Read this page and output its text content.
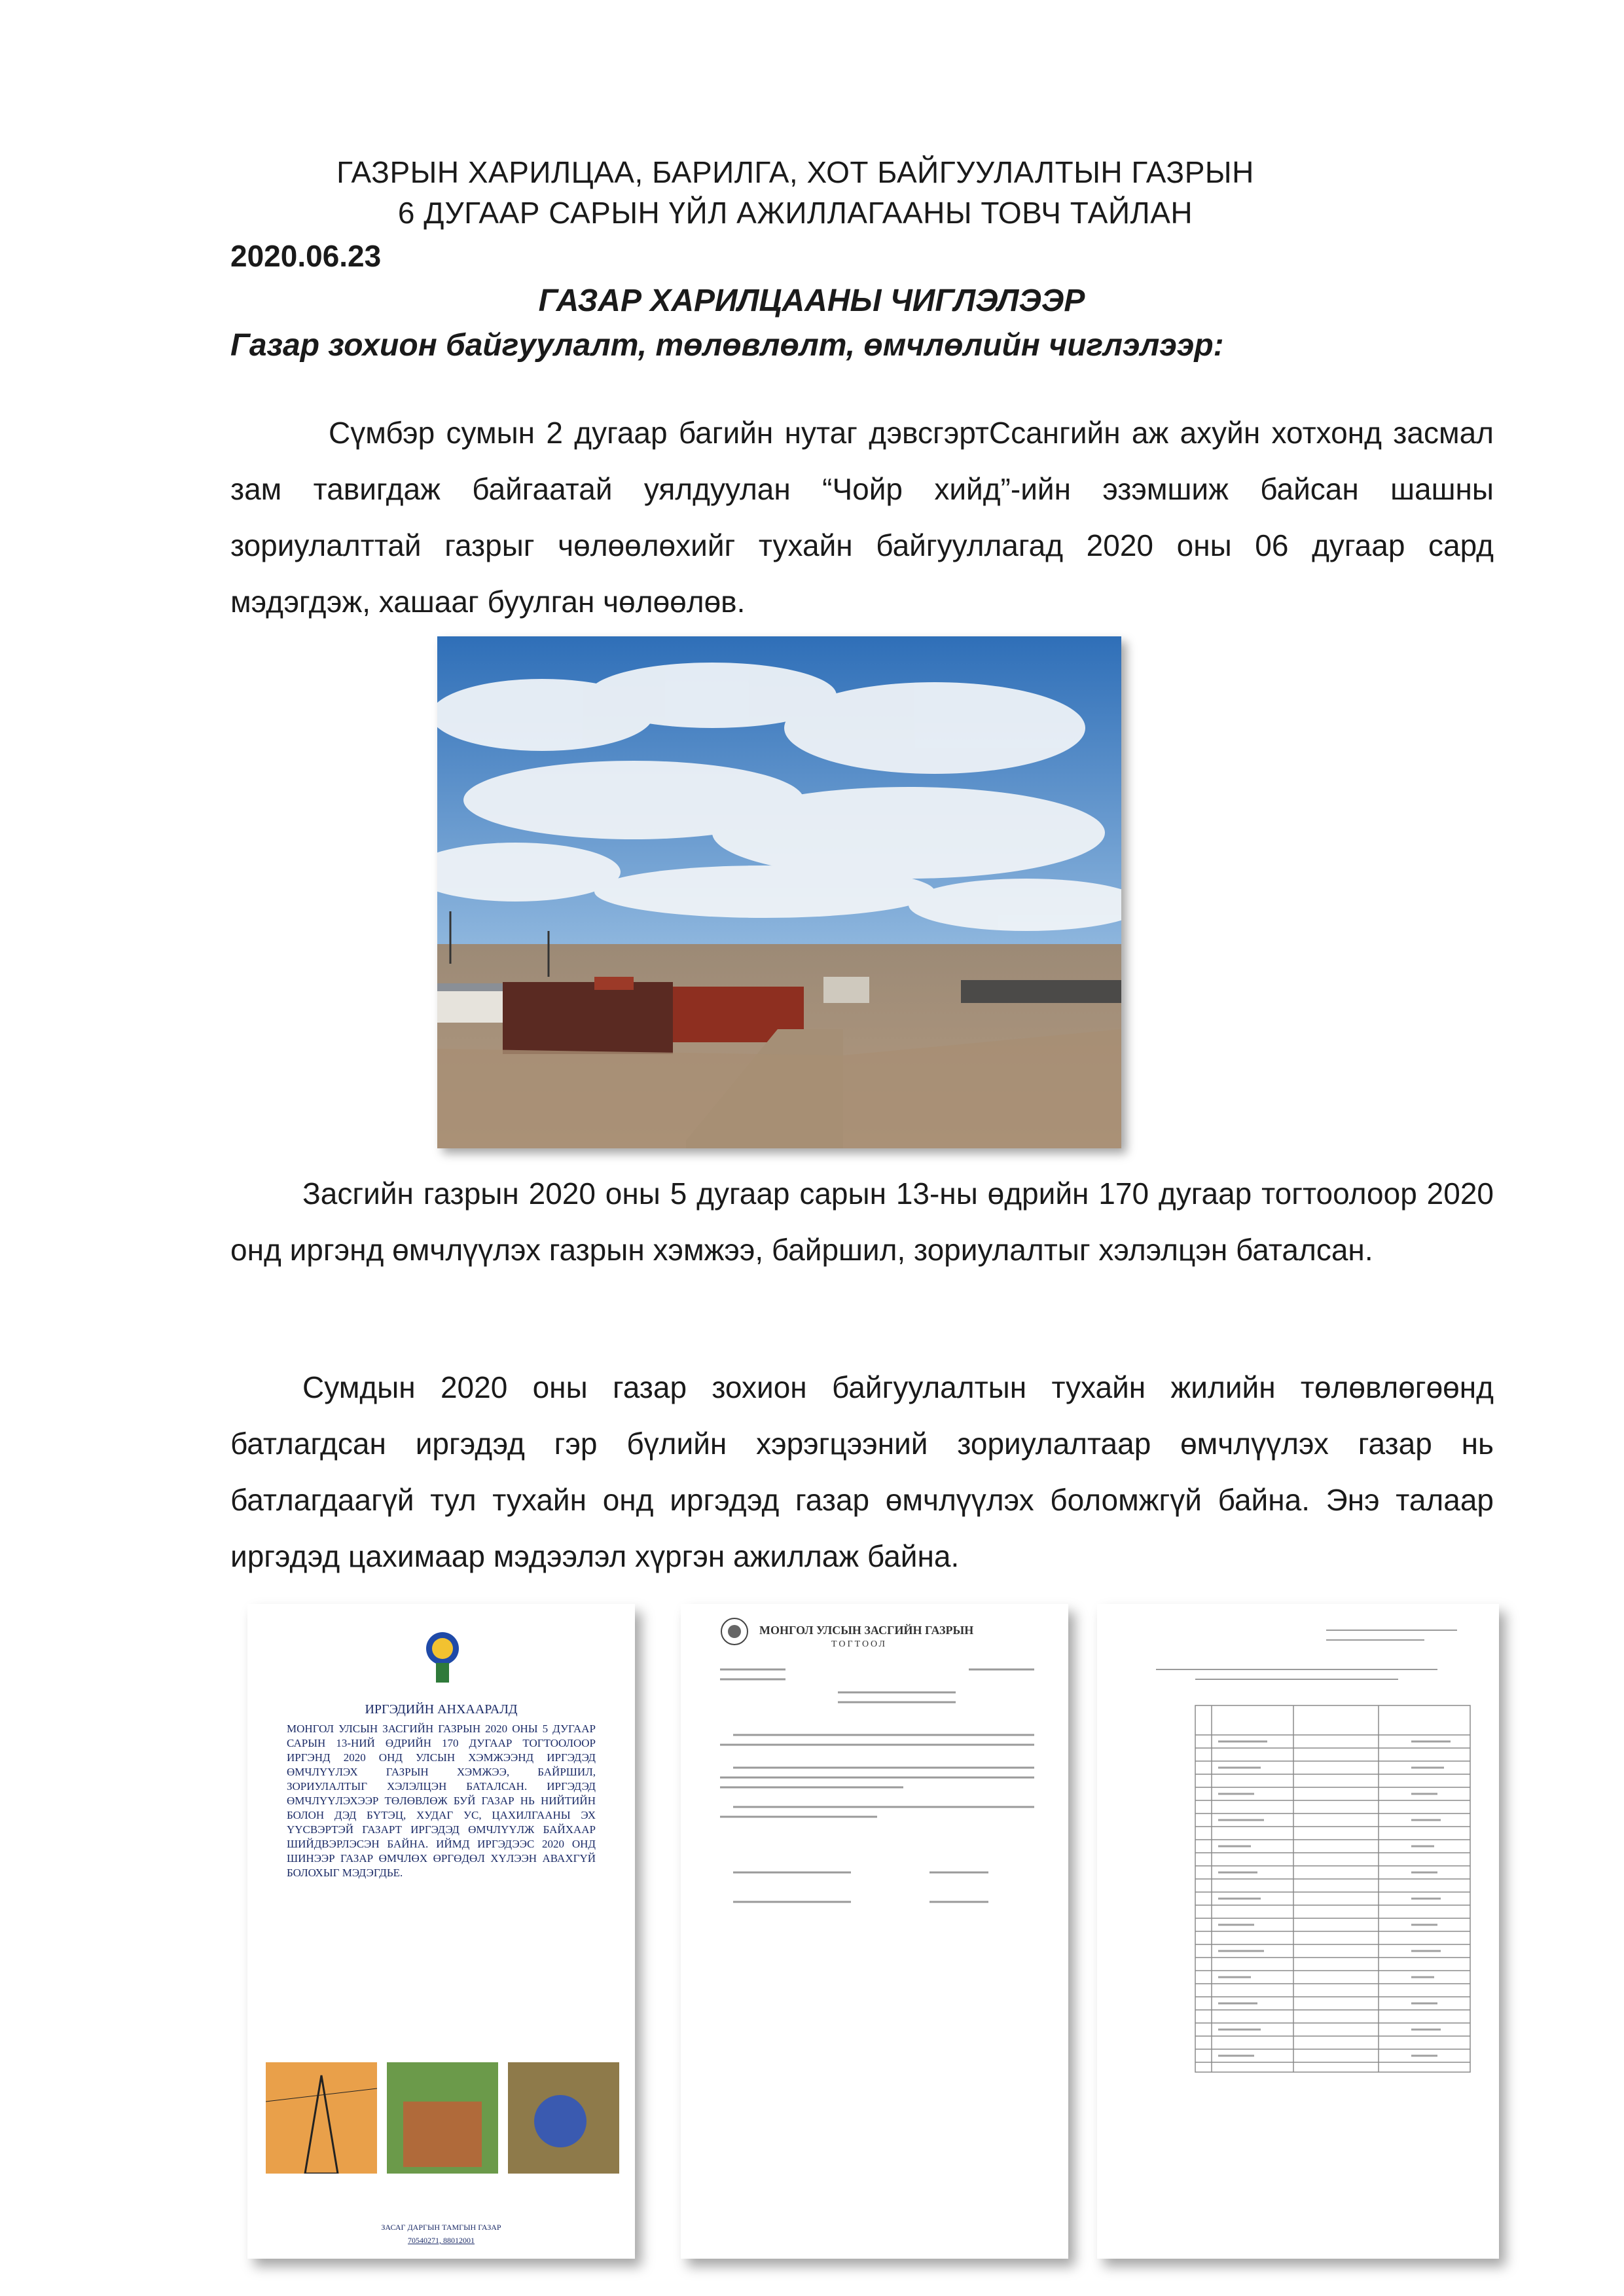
ГАЗРЫН ХАРИЛЦАА, БАРИЛГА, ХОТ БАЙГУУЛАЛТЫН ГАЗРЫН
6 ДУГААР САРЫН ҮЙЛ АЖИЛЛАГААНЫ ТОВЧ ТАЙЛАН
2020.06.23
ГАЗАР ХАРИЛЦААНЫ ЧИГЛЭЛЭЭР
Газар зохион байгуулалт, төлөвлөлт, өмчлөлийн чиглэлээр:

Сүмбэр сумын 2 дугаар багийн нутаг дэвсгэртСсангийн аж ахуйн хотхонд засмал зам тавигдаж байгаатай уялдуулан “Чойр хийд”-ийн эзэмшиж байсан шашны зориулалттай газрыг чөлөөлөхийг тухайн байгууллагад 2020 оны 06 дугаар сард мэдэгдэж, хашааг буулган чөлөөлөв.

Засгийн газрын 2020 оны 5 дугаар сарын 13-ны өдрийн 170 дугаар тогтоолоор 2020 онд иргэнд өмчлүүлэх газрын хэмжээ, байршил, зориулалтыг хэлэлцэн баталсан.

Сумдын 2020 оны газар зохион байгуулалтын тухайн жилийн төлөвлөгөөнд батлагдсан иргэдэд гэр бүлийн хэрэгцээний зориулалтаар өмчлүүлэх газар нь батлагдаагүй тул тухайн онд иргэдэд газар өмчлүүлэх боломжгүй байна. Энэ талаар иргэдэд цахимаар мэдээлэл хүргэн ажиллаж байна.

ИРГЭДИЙН АНХААРАЛД
МОНГОЛ УЛСЫН ЗАСГИЙН ГАЗРЫН 2020 ОНЫ 5 ДУГААР САРЫН 13-НИЙ ӨДРИЙН 170 ДУГААР ТОГТООЛООР ИРГЭНД 2020 ОНД УЛСЫН ХЭМЖЭЭНД ИРГЭДЭД ӨМЧЛҮҮЛЭХ ГАЗРЫН ХЭМЖЭЭ, БАЙРШИЛ, ЗОРИУЛАЛТЫГ ХЭЛЭЛЦЭН БАТАЛСАН. ИРГЭДЭД ӨМЧЛҮҮЛЭХЭЭР ТӨЛӨВЛӨЖ БУЙ ГАЗАР НЬ НИЙТИЙН БОЛОН ДЭД БҮТЭЦ, ХУДАГ УС, ЦАХИЛГААНЫ ЭХ ҮҮСВЭРТЭЙ ГАЗАРТ ИРГЭДЭД ӨМЧЛҮҮЛЖ БАЙХААР ШИЙДВЭРЛЭСЭН БАЙНА. ИЙМД ИРГЭДЭЭС 2020 ОНД ШИНЭЭР ГАЗАР ӨМЧЛӨХ ӨРГӨДӨЛ ХҮЛЭЭН АВАХГҮЙ БОЛОХЫГ МЭДЭГДЬЕ.
ЗАСАГ ДАРГЫН ТАМГЫН ГАЗАР
70540271, 88012001
МОНГОЛ УЛСЫН ЗАСГИЙН ГАЗРЫН
ТОГТООЛ
